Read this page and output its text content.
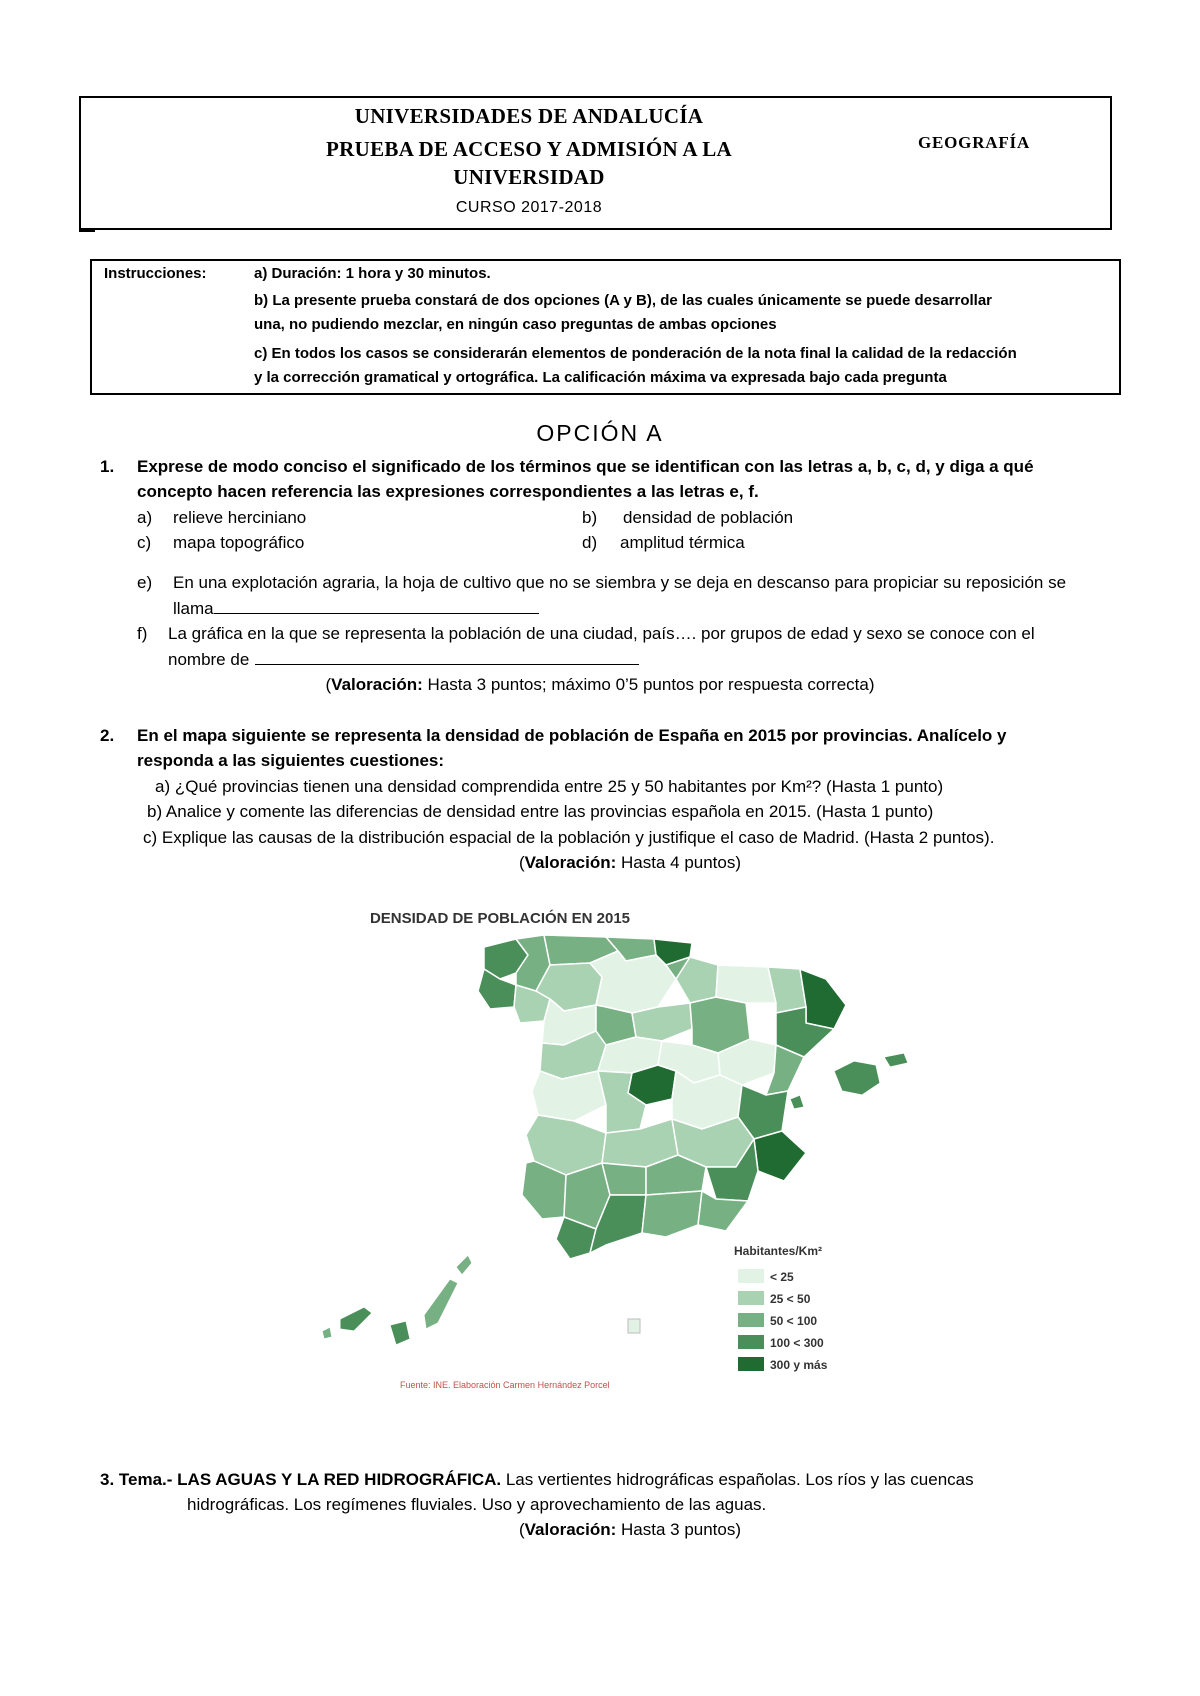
UNIVERSIDADES DE ANDALUCÍA
PRUEBA DE ACCESO Y ADMISIÓN A LA
UNIVERSIDAD
CURSO 2017-2018
GEOGRAFÍA
Instrucciones:	a) Duración: 1 hora y 30 minutos.
b) La presente prueba constará de dos opciones (A y B), de las cuales únicamente se puede desarrollar
una, no pudiendo mezclar, en ningún caso preguntas de ambas opciones
c) En todos los casos se considerarán elementos de ponderación de la nota final la calidad de la redacción
y la corrección gramatical y ortográfica. La calificación máxima va expresada bajo cada pregunta
OPCIÓN A
1. Exprese de modo conciso el significado de los términos que se identifican con las letras a, b, c, d, y diga a qué
concepto hacen referencia las expresiones correspondientes a las letras e, f.
a) relieve herciniano	b) densidad de población
c) mapa topográfico	d) amplitud térmica
e) En una explotación agraria, la hoja de cultivo que no se siembra y se deja en descanso para propiciar su reposición se
llama
f) La gráfica en la que se representa la población de una ciudad, país…. por grupos de edad y sexo se conoce con el
nombre de
(Valoración: Hasta 3 puntos; máximo 0’5 puntos por respuesta correcta)
2. En el mapa siguiente se representa la densidad de población de España en 2015 por provincias. Analícelo y
responda a las siguientes cuestiones:
a) ¿Qué provincias tienen una densidad comprendida entre 25 y 50 habitantes por Km²? (Hasta 1 punto)
b) Analice y comente las diferencias de densidad entre las provincias española en 2015. (Hasta 1 punto)
c) Explique las causas de la distribución espacial de la población y justifique el caso de Madrid. (Hasta 2 puntos).
(Valoración: Hasta 4 puntos)
DENSIDAD DE POBLACIÓN EN 2015
Habitantes/Km²
< 25
25 < 50
50 < 100
100 < 300
300 y más
Fuente: INE. Elaboración Carmen Hernández Porcel
3. Tema.- LAS AGUAS Y LA RED HIDROGRÁFICA. Las vertientes hidrográficas españolas. Los ríos y las cuencas
hidrográficas. Los regímenes fluviales. Uso y aprovechamiento de las aguas.
(Valoración: Hasta 3 puntos)
